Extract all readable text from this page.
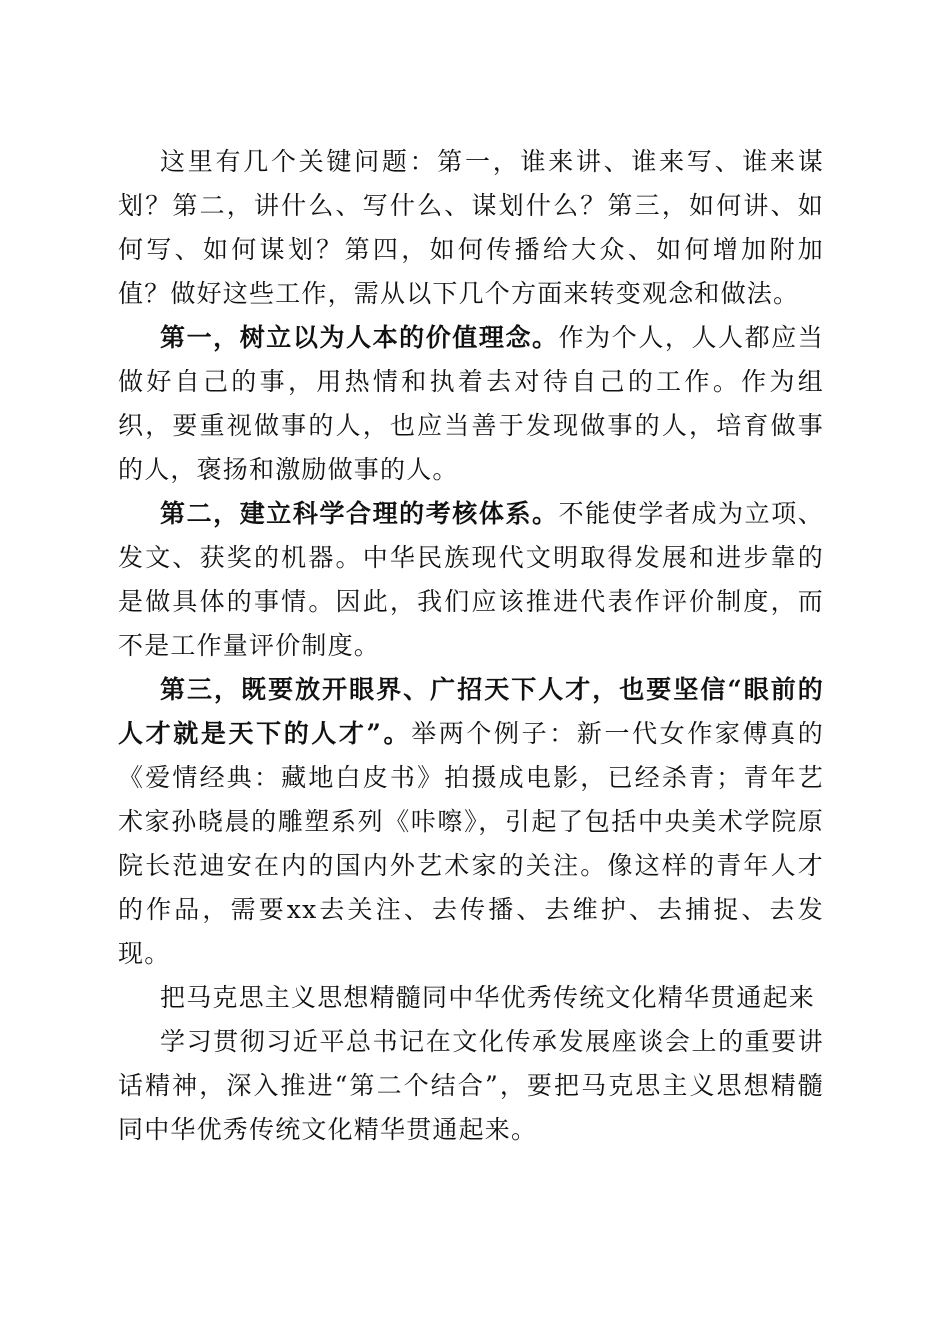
这里有几个关键问题：第一，谁来讲、谁来写、谁来谋划？第二，讲什么、写什么、谋划什么？第三，如何讲、如何写、如何谋划？第四，如何传播给大众、如何增加附加值？做好这些工作，需从以下几个方面来转变观念和做法。

第一，树立以为人本的价值理念。作为个人，人人都应当做好自己的事，用热情和执着去对待自己的工作。作为组织，要重视做事的人，也应当善于发现做事的人，培育做事的人，褒扬和激励做事的人。

第二，建立科学合理的考核体系。不能使学者成为立项、发文、获奖的机器。中华民族现代文明取得发展和进步靠的是做具体的事情。因此，我们应该推进代表作评价制度，而不是工作量评价制度。

第三，既要放开眼界、广招天下人才，也要坚信“眼前的人才就是天下的人才”。举两个例子：新一代女作家傅真的《爱情经典：藏地白皮书》拍摄成电影，已经杀青；青年艺术家孙晓晨的雕塑系列《咔嚓》，引起了包括中央美术学院原院长范迪安在内的国内外艺术家的关注。像这样的青年人才的作品，需要xx去关注、去传播、去维护、去捕捉、去发现。

把马克思主义思想精髓同中华优秀传统文化精华贯通起来

学习贯彻习近平总书记在文化传承发展座谈会上的重要讲话精神，深入推进“第二个结合”，要把马克思主义思想精髓同中华优秀传统文化精华贯通起来。
